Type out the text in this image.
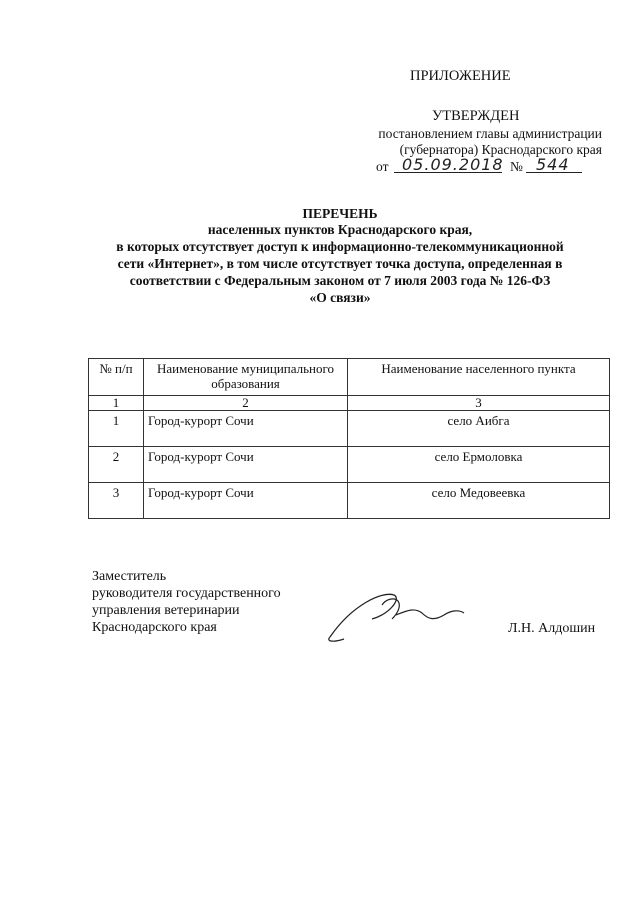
ПРИЛОЖЕНИЕ
УТВЕРЖДЕН
постановлением главы администрации
(губернатора) Краснодарского края
от 05.09.2018 № 544
ПЕРЕЧЕНЬ
населенных пунктов Краснодарского края,
в которых отсутствует доступ к информационно-телекоммуникационной
сети «Интернет», в том числе отсутствует точка доступа, определенная в
соответствии с Федеральным законом от 7 июля 2003 года № 126-ФЗ
«О связи»
№ п/п	Наименование муниципального образования	Наименование населенного пункта
1	2	3
1	Город-курорт Сочи	село Аибга
2	Город-курорт Сочи	село Ермоловка
3	Город-курорт Сочи	село Медовеевка
Заместитель
руководителя государственного
управления ветеринарии
Краснодарского края	Л.Н. Алдошин
